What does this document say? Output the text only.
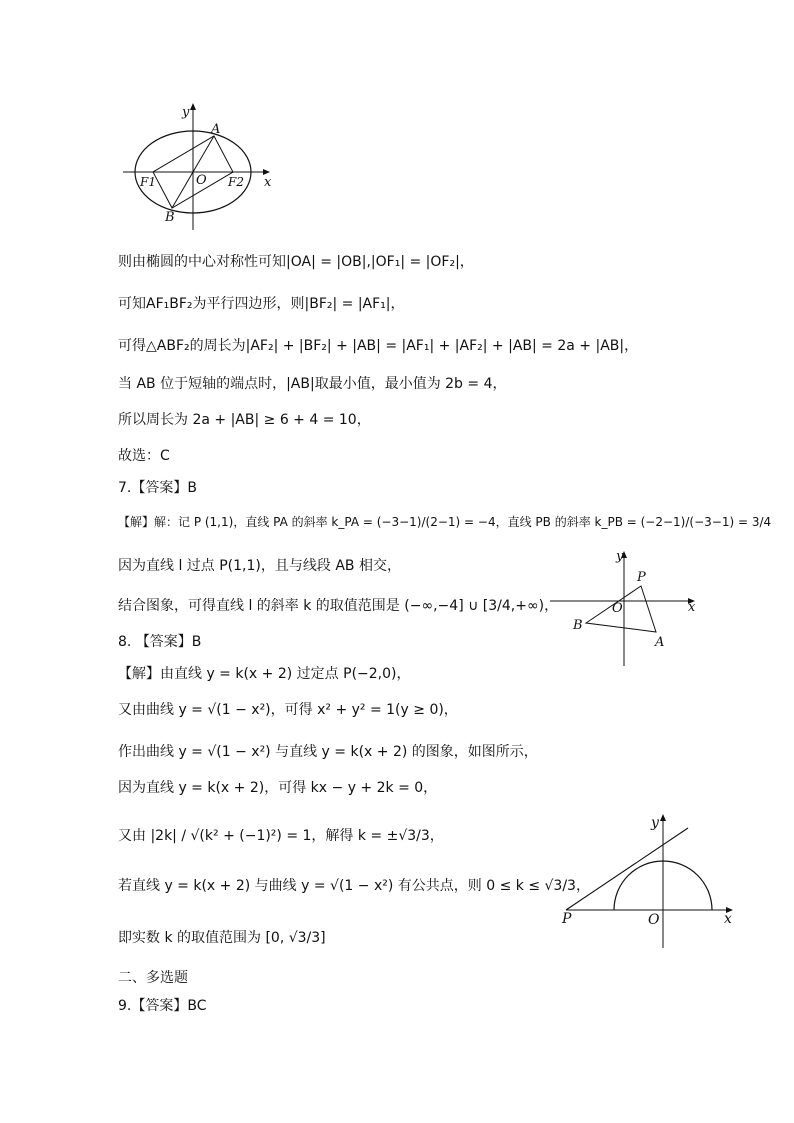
y
x
A
O
F1	F2
B
则由椭圆的中心对称性可知|OA| = |OB|,|OF₁| = |OF₂|，
可知AF₁BF₂为平行四边形，则|BF₂| = |AF₁|，
可得△ABF₂的周长为|AF₂| + |BF₂| + |AB| = |AF₁| + |AF₂| + |AB| = 2a + |AB|，
当 AB 位于短轴的端点时，|AB|取最小值，最小值为 2b = 4，
所以周长为 2a + |AB| ≥ 6 + 4 = 10，
故选：C
7.【答案】B
【解】解：记 P (1,1)，直线 PA 的斜率 k_PA = (−3−1)/(2−1) = −4，直线 PB 的斜率 k_PB = (−2−1)/(−3−1) = 3/4
因为直线 l 过点 P(1,1)，且与线段 AB 相交，
结合图象，可得直线 l 的斜率 k 的取值范围是 (−∞,−4] ∪ [3/4,+∞)，
y
x
P
O
B
A
8. 【答案】B
【解】由直线 y = k(x + 2) 过定点 P(−2,0)，
又由曲线 y = √(1 − x²)，可得 x² + y² = 1(y ≥ 0)，
作出曲线 y = √(1 − x²) 与直线 y = k(x + 2) 的图象，如图所示，
因为直线 y = k(x + 2)，可得 kx − y + 2k = 0，
又由 |2k| / √(k² + (−1)²) = 1，解得 k = ±√3/3，
若直线 y = k(x + 2) 与曲线 y = √(1 − x²) 有公共点，则 0 ≤ k ≤ √3/3，
即实数 k 的取值范围为 [0, √3/3]
y
x
P	O
二、多选题
9.【答案】BC
